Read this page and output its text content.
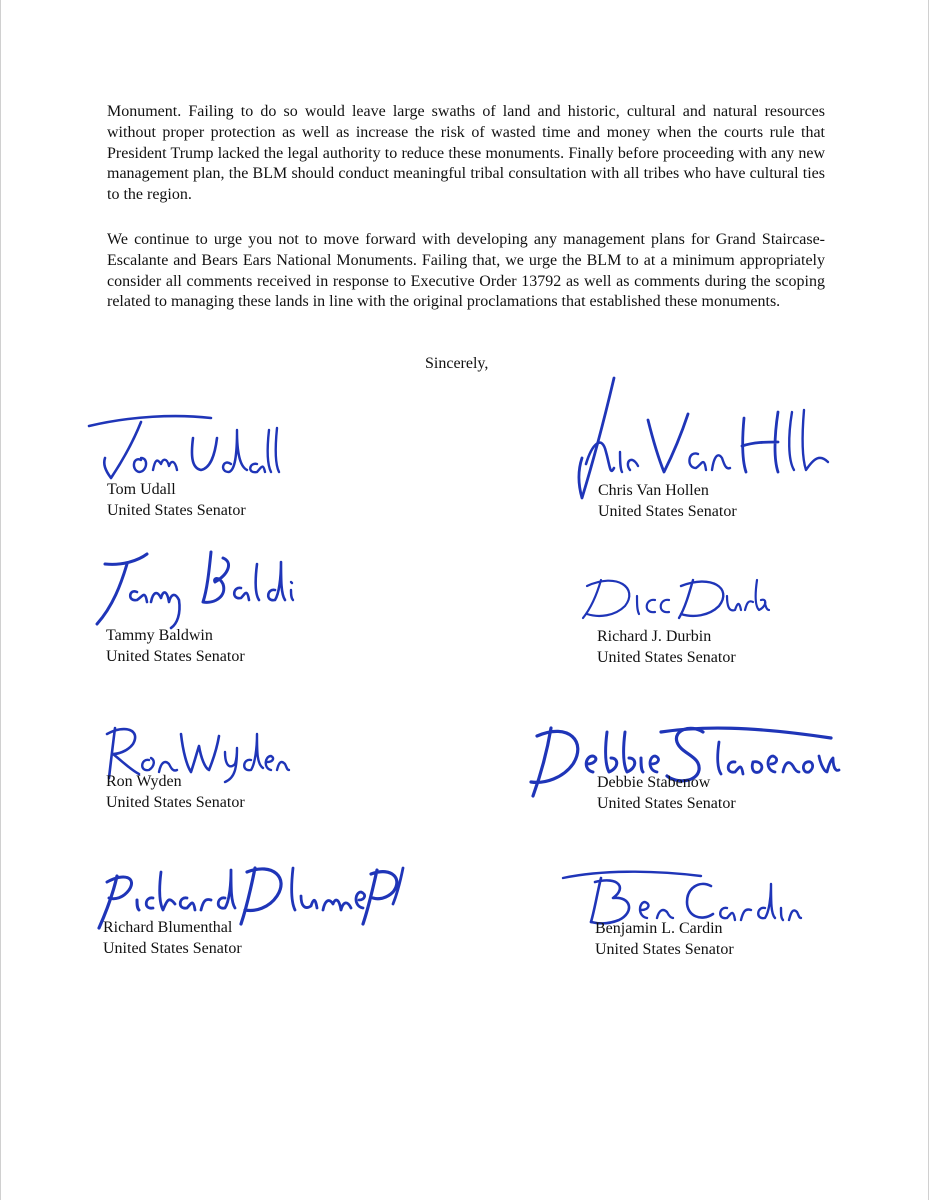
Monument. Failing to do so would leave large swaths of land and historic, cultural and natural resources without proper protection as well as increase the risk of wasted time and money when the courts rule that President Trump lacked the legal authority to reduce these monuments. Finally before proceeding with any new management plan, the BLM should conduct meaningful tribal consultation with all tribes who have cultural ties to the region.

We continue to urge you not to move forward with developing any management plans for Grand Staircase-Escalante and Bears Ears National Monuments. Failing that, we urge the BLM to at a minimum appropriately consider all comments received in response to Executive Order 13792 as well as comments during the scoping related to managing these lands in line with the original proclamations that established these monuments.

Sincerely,
Tom Udall
United States Senator
Chris Van Hollen
United States Senator
Tammy Baldwin
United States Senator
Richard J. Durbin
United States Senator
Ron Wyden
United States Senator
Debbie Stabenow
United States Senator
Richard Blumenthal
United States Senator
Benjamin L. Cardin
United States Senator
